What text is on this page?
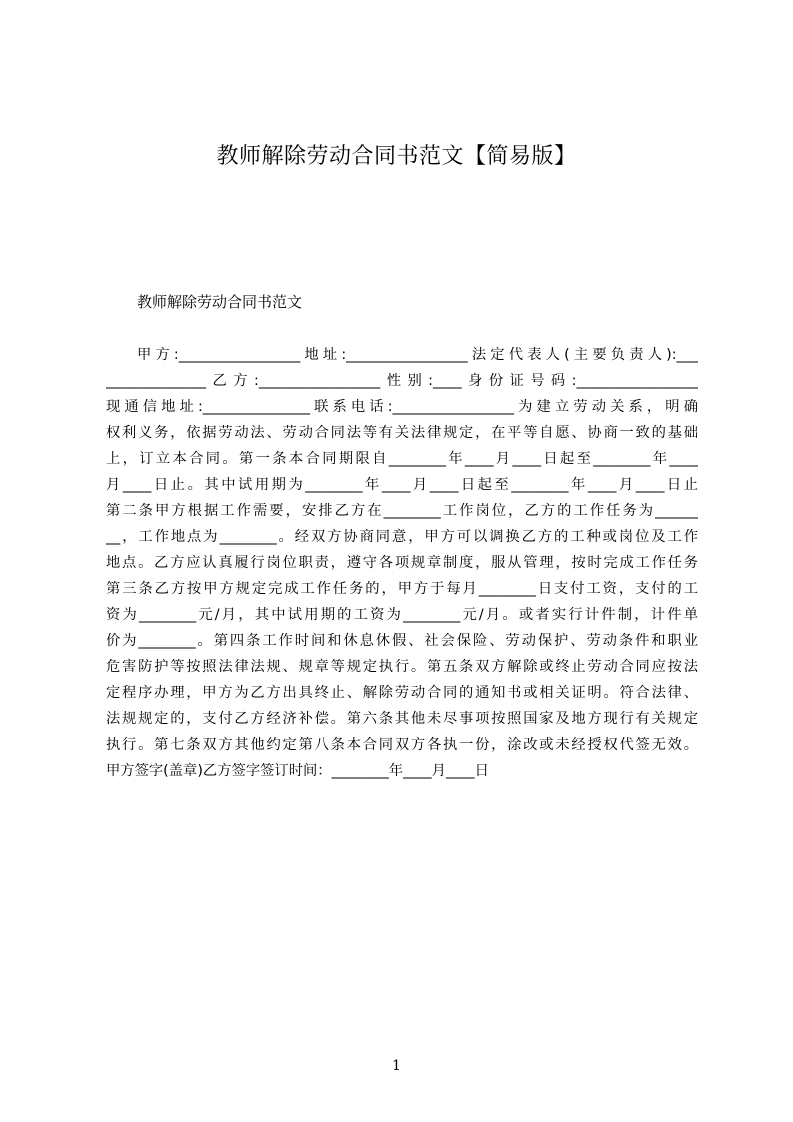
教师解除劳动合同书范文【简易版】
教师解除劳动合同书范文
甲方:_________________地址:_________________法定代表人(主要负责人):___
______________乙方:_________________性别:____身份证号码:_________________
现通信地址:_______________联系电话:_________________为建立劳动关系，明确
权利义务，依据劳动法、劳动合同法等有关法律规定，在平等自愿、协商一致的基础
上，订立本合同。第一条本合同期限自________年____月____日起至________年____
月____日止。其中试用期为________年____月____日起至________年____月____日止
第二条甲方根据工作需要，安排乙方在________工作岗位，乙方的工作任务为______
__，工作地点为________。经双方协商同意，甲方可以调换乙方的工种或岗位及工作
地点。乙方应认真履行岗位职责，遵守各项规章制度，服从管理，按时完成工作任务
第三条乙方按甲方规定完成工作任务的，甲方于每月________日支付工资，支付的工
资为________元/月，其中试用期的工资为________元/月。或者实行计件制，计件单
价为________。第四条工作时间和休息休假、社会保险、劳动保护、劳动条件和职业
危害防护等按照法律法规、规章等规定执行。第五条双方解除或终止劳动合同应按法
定程序办理，甲方为乙方出具终止、解除劳动合同的通知书或相关证明。符合法律、
法规规定的，支付乙方经济补偿。第六条其他未尽事项按照国家及地方现行有关规定
执行。第七条双方其他约定第八条本合同双方各执一份，涂改或未经授权代签无效。
甲方签字(盖章)乙方签字签订时间：________年____月____日
1
